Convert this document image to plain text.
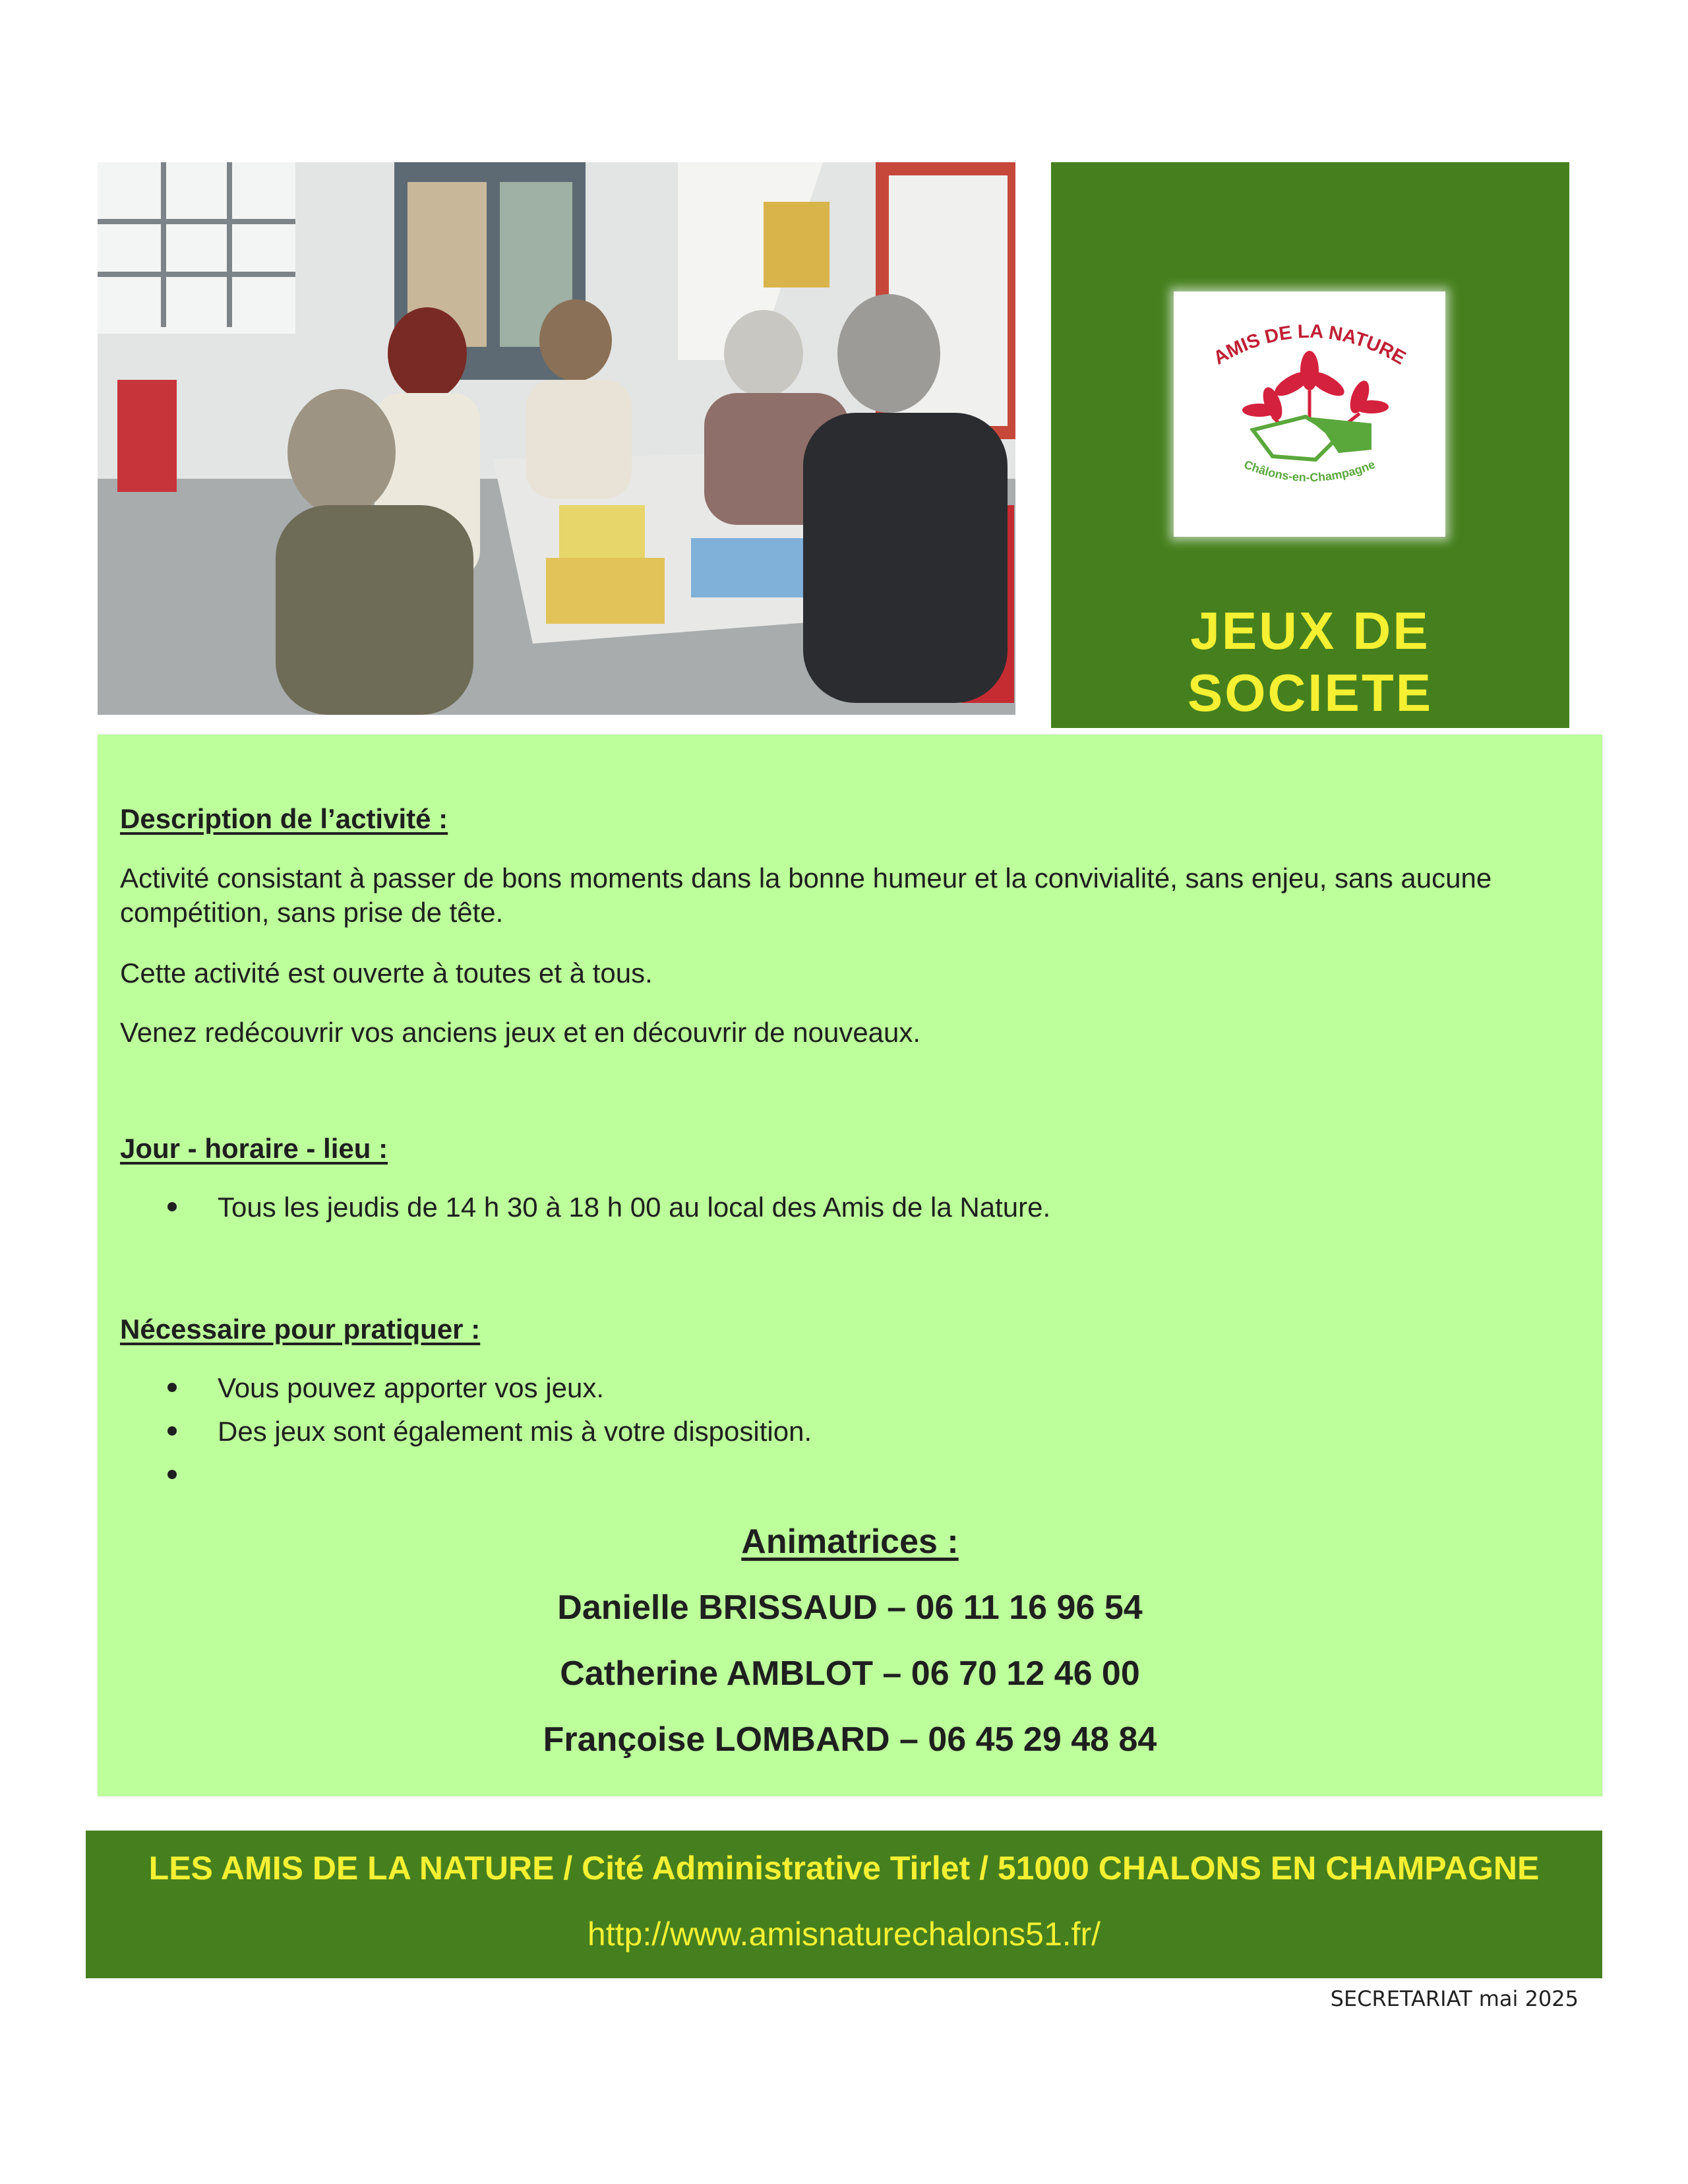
AMIS DE LA NATURE
Châlons-en-Champagne
JEUX DE
SOCIETE
Description de l’activité :
Activité consistant à passer de bons moments dans la bonne humeur et la convivialité, sans enjeu, sans aucune compétition, sans prise de tête.
Cette activité est ouverte à toutes et à tous.
Venez redécouvrir vos anciens jeux et en découvrir de nouveaux.
Jour - horaire - lieu :
Tous les jeudis de 14 h 30 à 18 h 00 au local des Amis de la Nature.
Nécessaire pour pratiquer :
Vous pouvez apporter vos jeux.
Des jeux sont également mis à votre disposition.
Animatrices :
Danielle BRISSAUD – 06 11 16 96 54
Catherine AMBLOT – 06 70 12 46 00
Françoise LOMBARD – 06 45 29 48 84
LES AMIS DE LA NATURE / Cité Administrative Tirlet / 51000 CHALONS EN CHAMPAGNE
http://www.amisnaturechalons51.fr/
SECRETARIAT mai 2025
